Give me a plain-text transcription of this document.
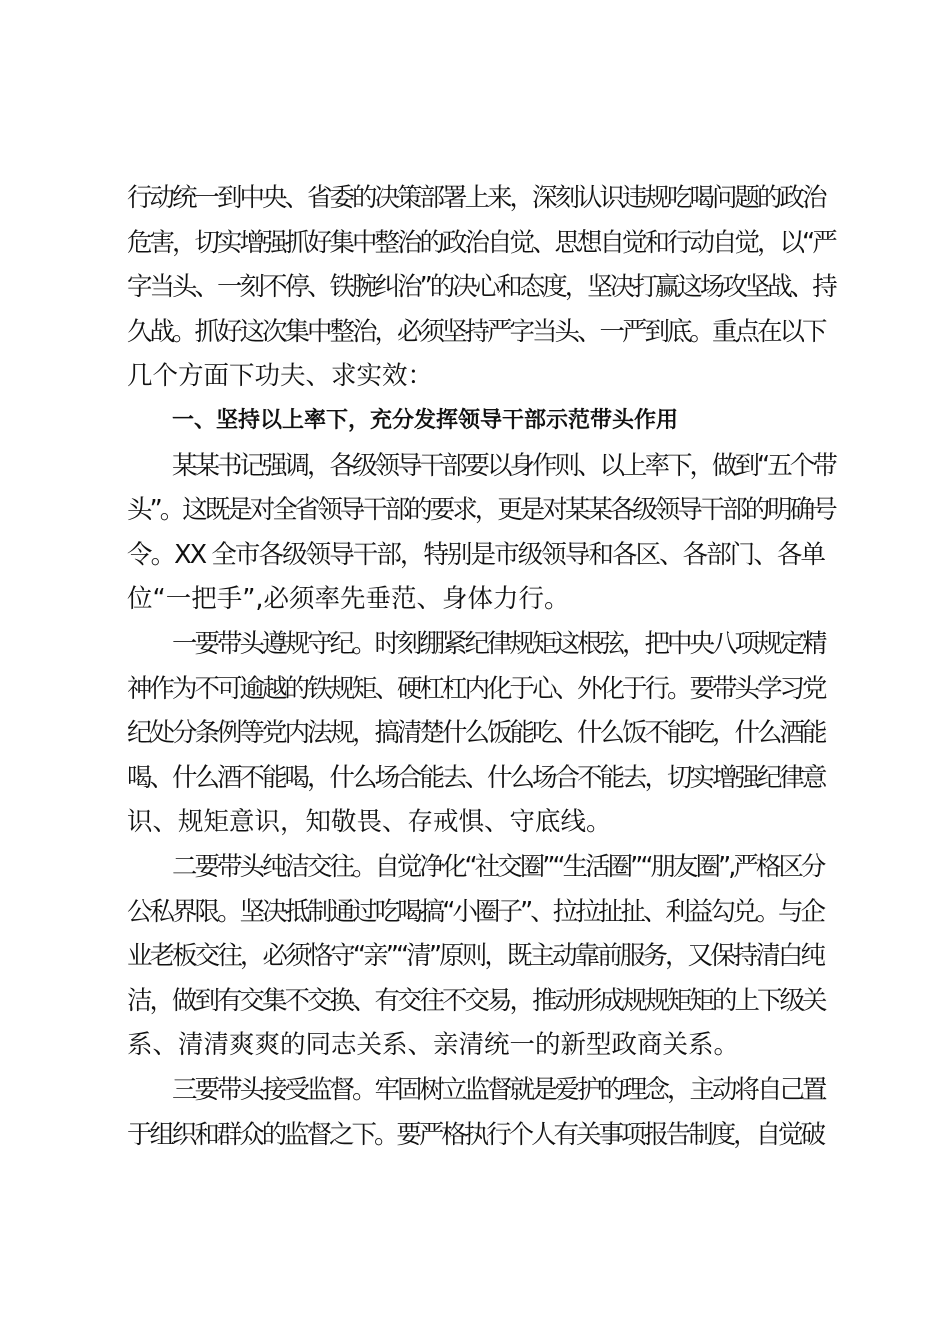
行动统一到中央、省委的决策部署上来，深刻认识违规吃喝问题的政治
危害，切实增强抓好集中整治的政治自觉、思想自觉和行动自觉，以“严
字当头、一刻不停、铁腕纠治”的决心和态度，坚决打赢这场攻坚战、持
久战。抓好这次集中整治，必须坚持严字当头、一严到底。重点在以下
几个方面下功夫、求实效：
一、坚持以上率下，充分发挥领导干部示范带头作用
某某书记强调，各级领导干部要以身作则、以上率下，做到“五个带
头”。这既是对全省领导干部的要求，更是对某某各级领导干部的明确号
令。XX 全市各级领导干部，特别是市级领导和各区、各部门、各单
位“一把手”,必须率先垂范、身体力行。
一要带头遵规守纪。时刻绷紧纪律规矩这根弦，把中央八项规定精
神作为不可逾越的铁规矩、硬杠杠内化于心、外化于行。要带头学习党
纪处分条例等党内法规，搞清楚什么饭能吃、什么饭不能吃，什么酒能
喝、什么酒不能喝，什么场合能去、什么场合不能去，切实增强纪律意
识、规矩意识，知敬畏、存戒惧、守底线。
二要带头纯洁交往。自觉净化“社交圈”“生活圈”“朋友圈”,严格区分
公私界限。坚决抵制通过吃喝搞“小圈子”、拉拉扯扯、利益勾兑。与企
业老板交往，必须恪守“亲”“清”原则，既主动靠前服务，又保持清白纯
洁，做到有交集不交换、有交往不交易，推动形成规规矩矩的上下级关
系、清清爽爽的同志关系、亲清统一的新型政商关系。
三要带头接受监督。牢固树立监督就是爱护的理念，主动将自己置
于组织和群众的监督之下。要严格执行个人有关事项报告制度，自觉破
